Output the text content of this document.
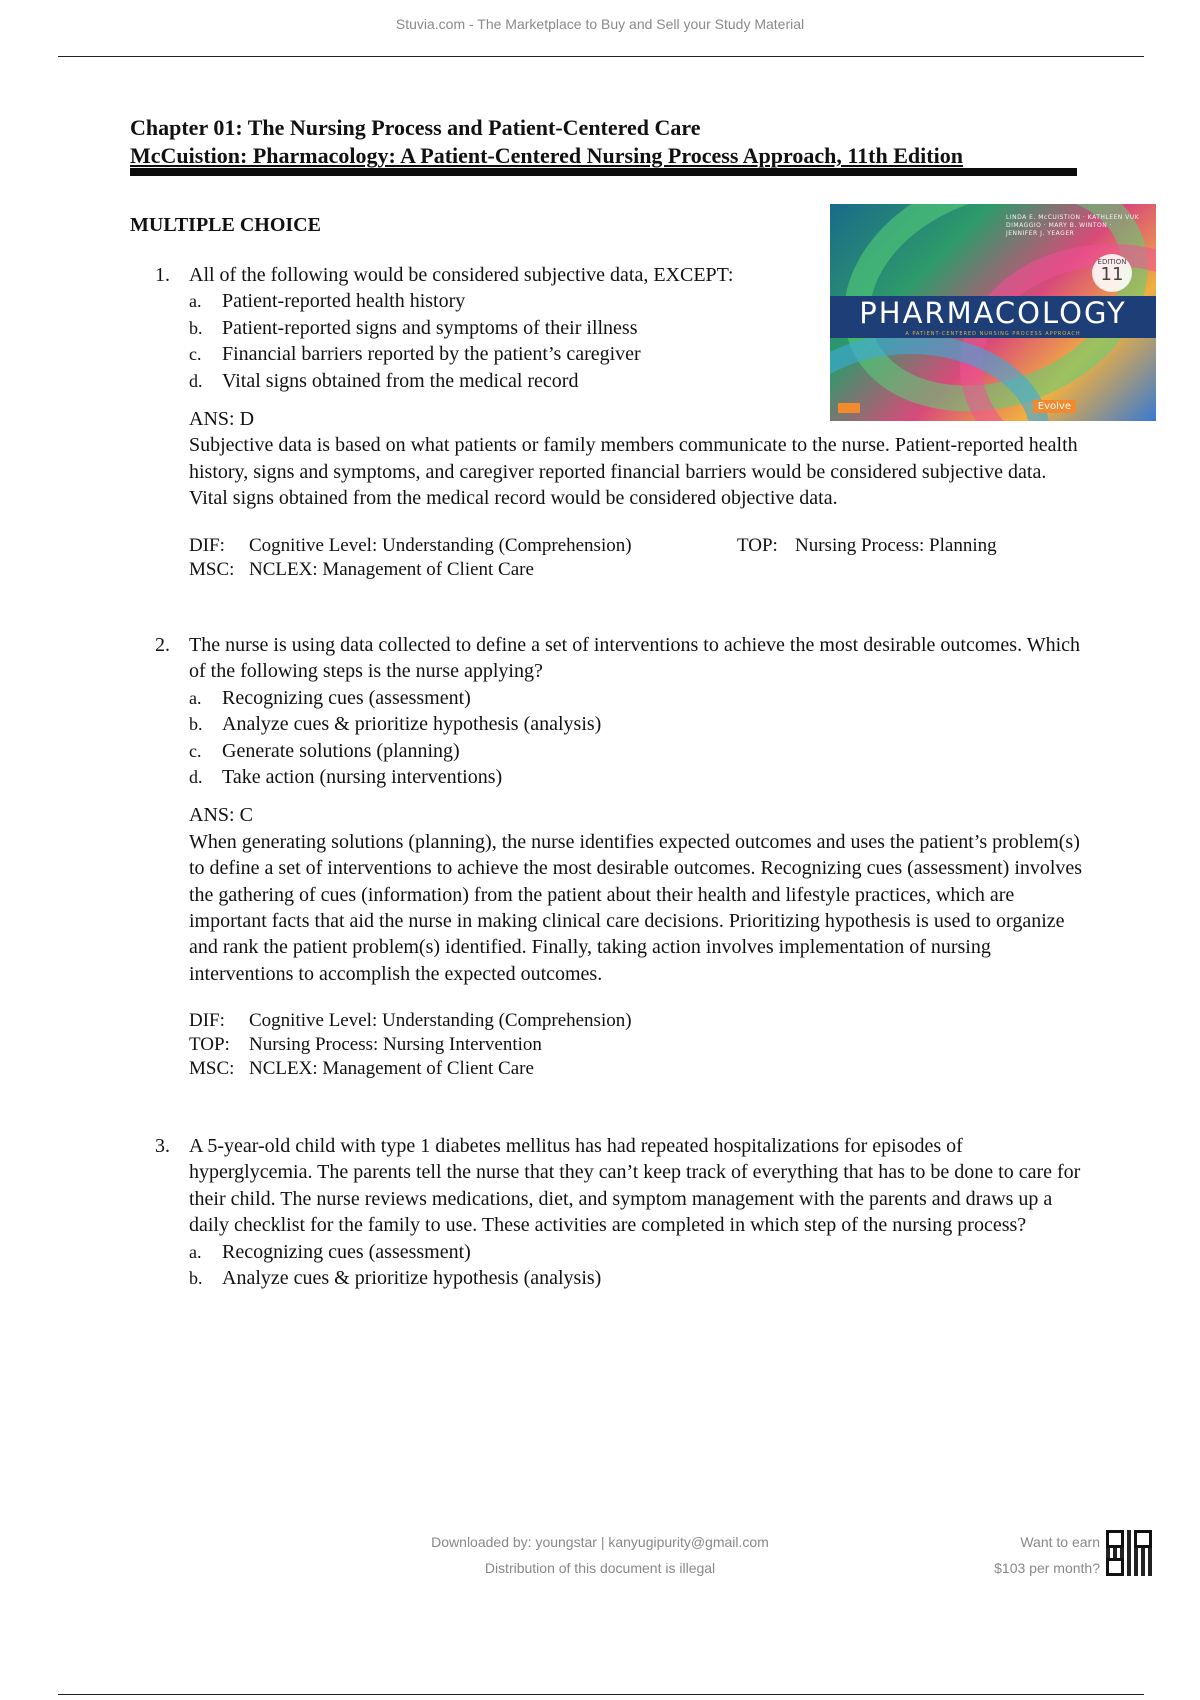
Stuvia.com - The Marketplace to Buy and Sell your Study Material
Chapter 01: The Nursing Process and Patient-Centered Care
McCuistion: Pharmacology: A Patient-Centered Nursing Process Approach, 11th Edition
MULTIPLE CHOICE	LINDA E. McCUISTION · KATHLEEN VUK DIMAGGIO · MARY B. WINTON · JENNIFER J. YEAGER
EDITION
11
PHARMACOLOGY
A PATIENT-CENTERED NURSING PROCESS APPROACH
Evolve
1. All of the following would be considered subjective data, EXCEPT:
a. Patient-reported health history
b. Patient-reported signs and symptoms of their illness
c. Financial barriers reported by the patient’s caregiver
d. Vital signs obtained from the medical record
ANS: D
Subjective data is based on what patients or family members communicate to the nurse. Patient-reported health history, signs and symptoms, and caregiver reported financial barriers would be considered subjective data. Vital signs obtained from the medical record would be considered objective data.
DIF: Cognitive Level: Understanding (Comprehension)	TOP: Nursing Process: Planning
MSC: NCLEX: Management of Client Care
2. The nurse is using data collected to define a set of interventions to achieve the most desirable outcomes. Which of the following steps is the nurse applying?
a. Recognizing cues (assessment)
b. Analyze cues & prioritize hypothesis (analysis)
c. Generate solutions (planning)
d. Take action (nursing interventions)
ANS: C
When generating solutions (planning), the nurse identifies expected outcomes and uses the patient’s problem(s) to define a set of interventions to achieve the most desirable outcomes. Recognizing cues (assessment) involves the gathering of cues (information) from the patient about their health and lifestyle practices, which are important facts that aid the nurse in making clinical care decisions. Prioritizing hypothesis is used to organize and rank the patient problem(s) identified. Finally, taking action involves implementation of nursing interventions to accomplish the expected outcomes.
DIF: Cognitive Level: Understanding (Comprehension)
TOP: Nursing Process: Nursing Intervention
MSC: NCLEX: Management of Client Care
3. A 5-year-old child with type 1 diabetes mellitus has had repeated hospitalizations for episodes of hyperglycemia. The parents tell the nurse that they can’t keep track of everything that has to be done to care for their child. The nurse reviews medications, diet, and symptom management with the parents and draws up a daily checklist for the family to use. These activities are completed in which step of the nursing process?
a. Recognizing cues (assessment)
b. Analyze cues & prioritize hypothesis (analysis)
Downloaded by: youngstar | kanyugipurity@gmail.com
Distribution of this document is illegal
Want to earn
$103 per month?
